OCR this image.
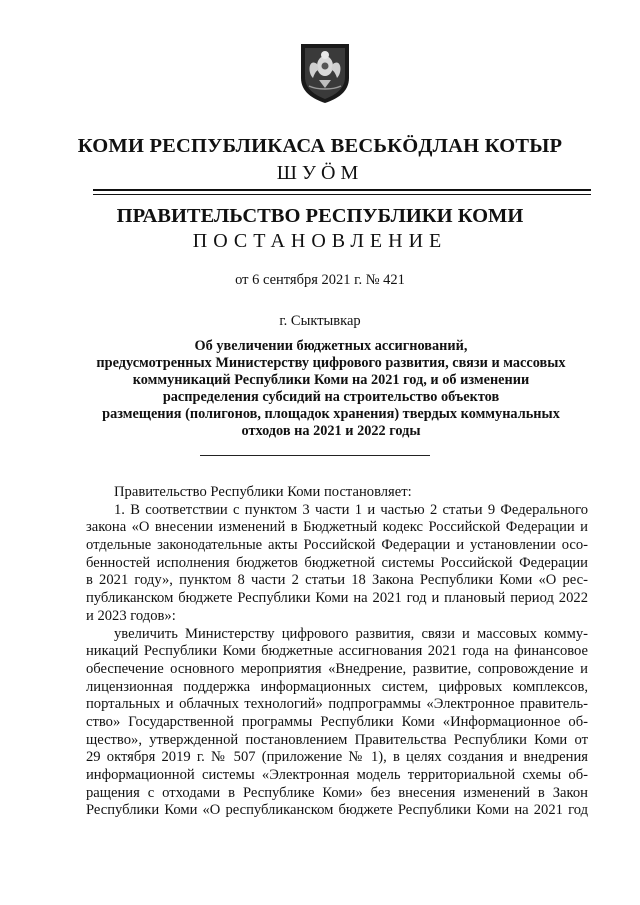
КОМИ РЕСПУБЛИКАСА ВЕСЬКӦДЛАН КОТЫР
ШУӦМ
ПРАВИТЕЛЬСТВО РЕСПУБЛИКИ КОМИ
ПОСТАНОВЛЕНИЕ
от 6 сентября 2021 г. № 421
г. Сыктывкар
Об увеличении бюджетных ассигнований,
предусмотренных Министерству цифрового развития, связи и массовых
коммуникаций Республики Коми на 2021 год, и об изменении
распределения субсидий на строительство объектов
размещения (полигонов, площадок хранения) твердых коммунальных
отходов на 2021 и 2022 годы
Правительство Республики Коми постановляет:
1. В соответствии с пунктом 3 части 1 и частью 2 статьи 9 Федерального
закона «О внесении изменений в Бюджетный кодекс Российской Федерации и
отдельные законодательные акты Российской Федерации и установлении осо-
бенностей исполнения бюджетов бюджетной системы Российской Федерации
в 2021 году», пунктом 8 части 2 статьи 18 Закона Республики Коми «О рес-
публиканском бюджете Республики Коми на 2021 год и плановый период 2022
и 2023 годов»:
увеличить Министерству цифрового развития, связи и массовых комму-
никаций Республики Коми бюджетные ассигнования 2021 года на финансовое
обеспечение основного мероприятия «Внедрение, развитие, сопровождение и
лицензионная поддержка информационных систем, цифровых комплексов,
портальных и облачных технологий» подпрограммы «Электронное правитель-
ство» Государственной программы Республики Коми «Информационное об-
щество», утвержденной постановлением Правительства Республики Коми от
29 октября 2019 г. № 507 (приложение № 1), в целях создания и внедрения
информационной системы «Электронная модель территориальной схемы об-
ращения с отходами в Республике Коми» без внесения изменений в Закон
Республики Коми «О республиканском бюджете Республики Коми на 2021 год
